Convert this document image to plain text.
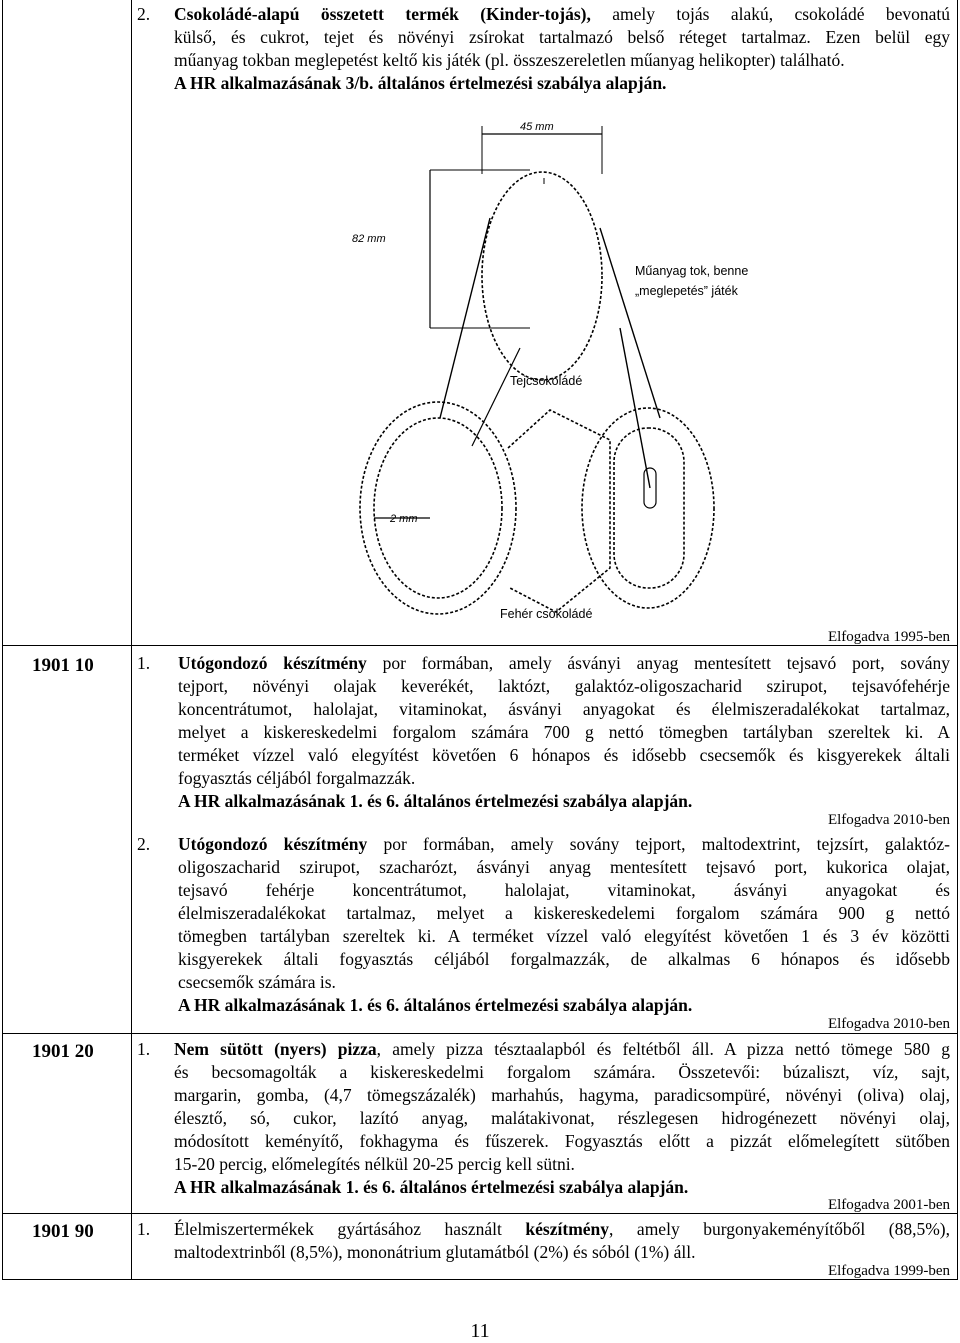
2. Csokoládé-alapú összetett termék (Kinder-tojás), amely tojás alakú, csokoládé bevonatú
külső, és cukrot, tejet és növényi zsírokat tartalmazó belső réteget tartalmaz. Ezen belül egy
műanyag tokban meglepetést keltő kis játék (pl. összeszereletlen műanyag helikopter) található.
A HR alkalmazásának 3/b. általános értelmezési szabálya alapján.
82 mm
45 mm
Műanyag tok, benne
„meglepetés” játék
Tejcsokoládé
Fehér csokoládé
2 mm
Elfogadva 1995-ben
1901 10 1. Utógondozó készítmény por formában, amely ásványi anyag mentesített tejsavó port, sovány
tejport, növényi olajak keverékét, laktózt, galaktóz-oligoszacharid szirupot, tejsavófehérje
koncentrátumot, halolajat, vitaminokat, ásványi anyagokat és élelmiszeradalékokat tartalmaz,
melyet a kiskereskedelmi forgalom számára 700 g nettó tömegben tartályban szereltek ki. A
terméket vízzel való elegyítést követően 6 hónapos és idősebb csecsemők és kisgyerekek általi
fogyasztás céljából forgalmazzák.
A HR alkalmazásának 1. és 6. általános értelmezési szabálya alapján.
Elfogadva 2010-ben
2. Utógondozó készítmény por formában, amely sovány tejport, maltodextrint, tejzsírt, galaktóz-
oligoszacharid szirupot, szacharózt, ásványi anyag mentesített tejsavó port, kukorica olajat,
tejsavó fehérje koncentrátumot, halolajat, vitaminokat, ásványi anyagokat és
élelmiszeradalékokat tartalmaz, melyet a kiskereskedelemi forgalom számára 900 g nettó
tömegben tartályban szereltek ki. A terméket vízzel való elegyítést követően 1 és 3 év közötti
kisgyerekek általi fogyasztás céljából forgalmazzák, de alkalmas 6 hónapos és idősebb
csecsemők számára is.
A HR alkalmazásának 1. és 6. általános értelmezési szabálya alapján.
Elfogadva 2010-ben
1901 20 1. Nem sütött (nyers) pizza, amely pizza tésztaalapból és feltétből áll. A pizza nettó tömege 580 g
és becsomagolták a kiskereskedelmi forgalom számára. Összetevői: búzaliszt, víz, sajt,
margarin, gomba, (4,7 tömegszázalék) marhahús, hagyma, paradicsompüré, növényi (oliva) olaj,
élesztő, só, cukor, lazító anyag, malátakivonat, részlegesen hidrogénezett növényi olaj,
módosított keményítő, fokhagyma és fűszerek. Fogyasztás előtt a pizzát előmelegített sütőben
15-20 percig, előmelegítés nélkül 20-25 percig kell sütni.
A HR alkalmazásának 1. és 6. általános értelmezési szabálya alapján.
Elfogadva 2001-ben
1901 90 1. Élelmiszertermékek gyártásához használt készítmény, amely burgonyakeményítőből (88,5%),
maltodextrinből (8,5%), mononátrium glutamátból (2%) és sóból (1%) áll.
Elfogadva 1999-ben
11
